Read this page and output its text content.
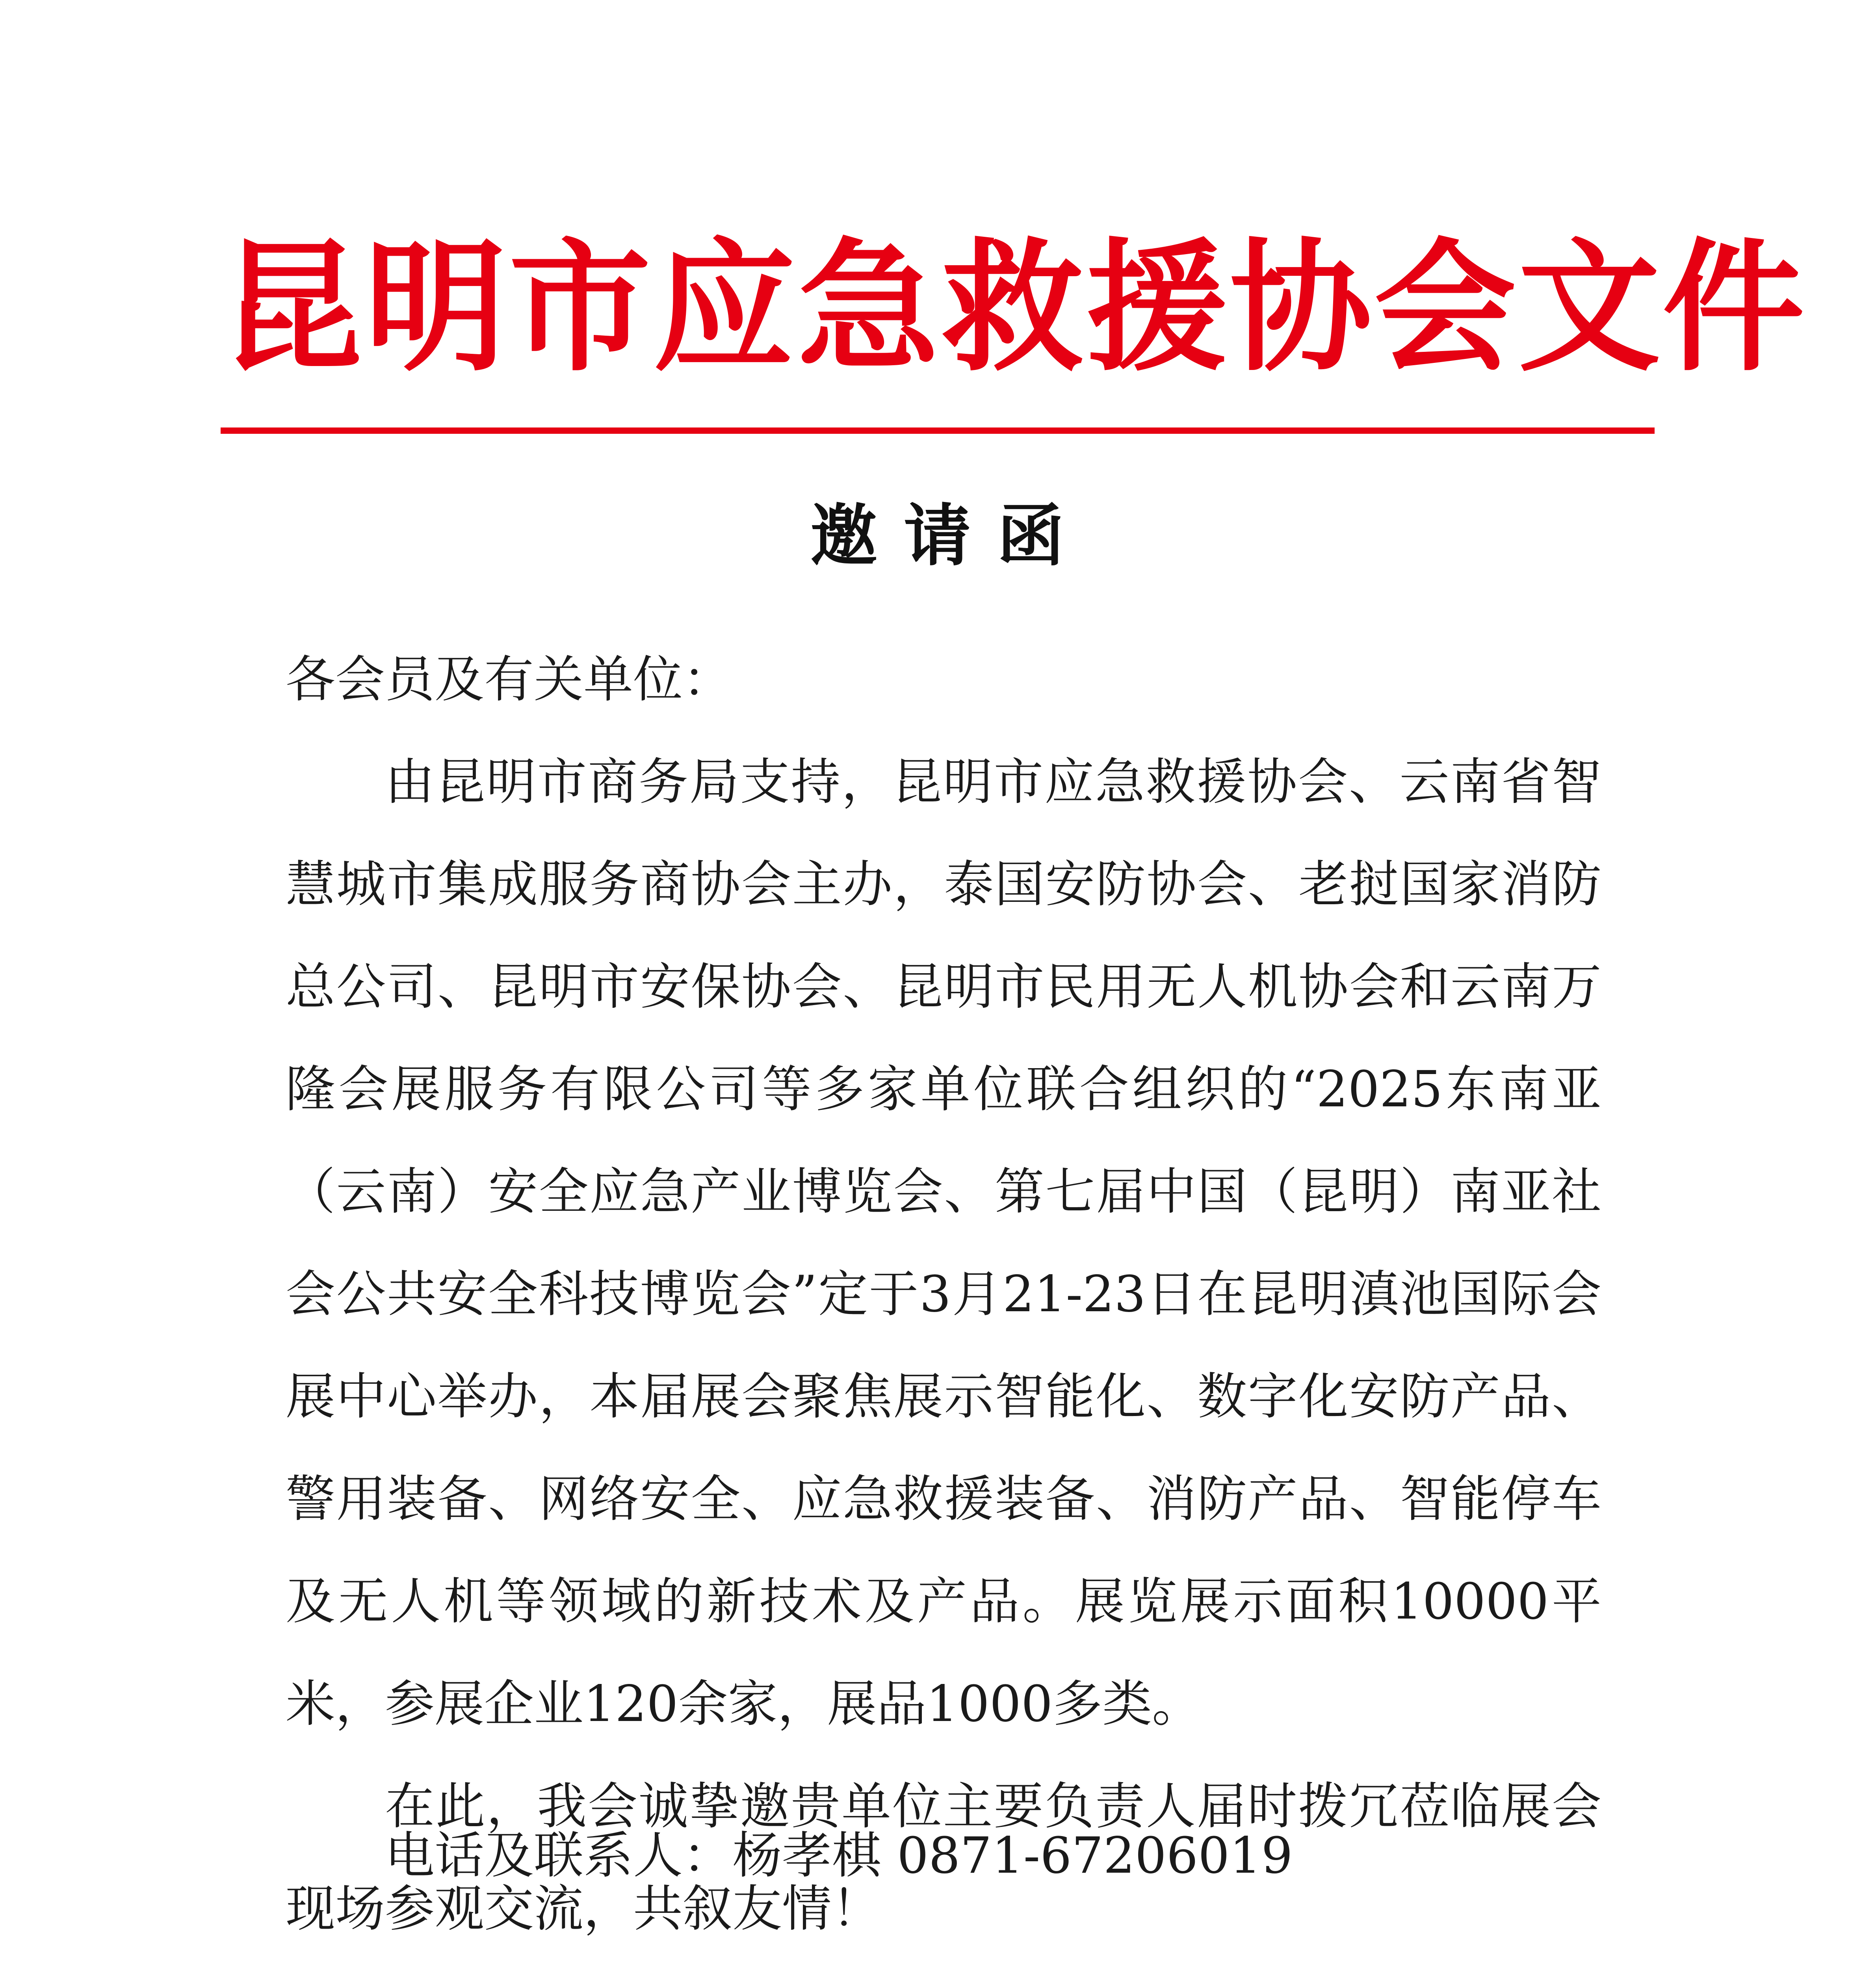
昆明市应急救援协会文件
邀 请 函

各会员及有关单位：

由昆明市商务局支持，昆明市应急救援协会、云南省智慧城市集成服务商协会主办，泰国安防协会、老挝国家消防总公司、昆明市安保协会、昆明市民用无人机协会和云南万隆会展服务有限公司等多家单位联合组织的“2025东南亚（云南）安全应急产业博览会、第七届中国（昆明）南亚社会公共安全科技博览会”定于3月21-23日在昆明滇池国际会展中心举办，本届展会聚焦展示智能化、数字化安防产品、警用装备、网络安全、应急救援装备、消防产品、智能停车及无人机等领域的新技术及产品。展览展示面积10000平米，参展企业120余家，展品1000多类。

在此，我会诚挚邀贵单位主要负责人届时拨冗莅临展会现场参观交流，共叙友情！

电话及联系人：杨孝棋 0871-67206019
